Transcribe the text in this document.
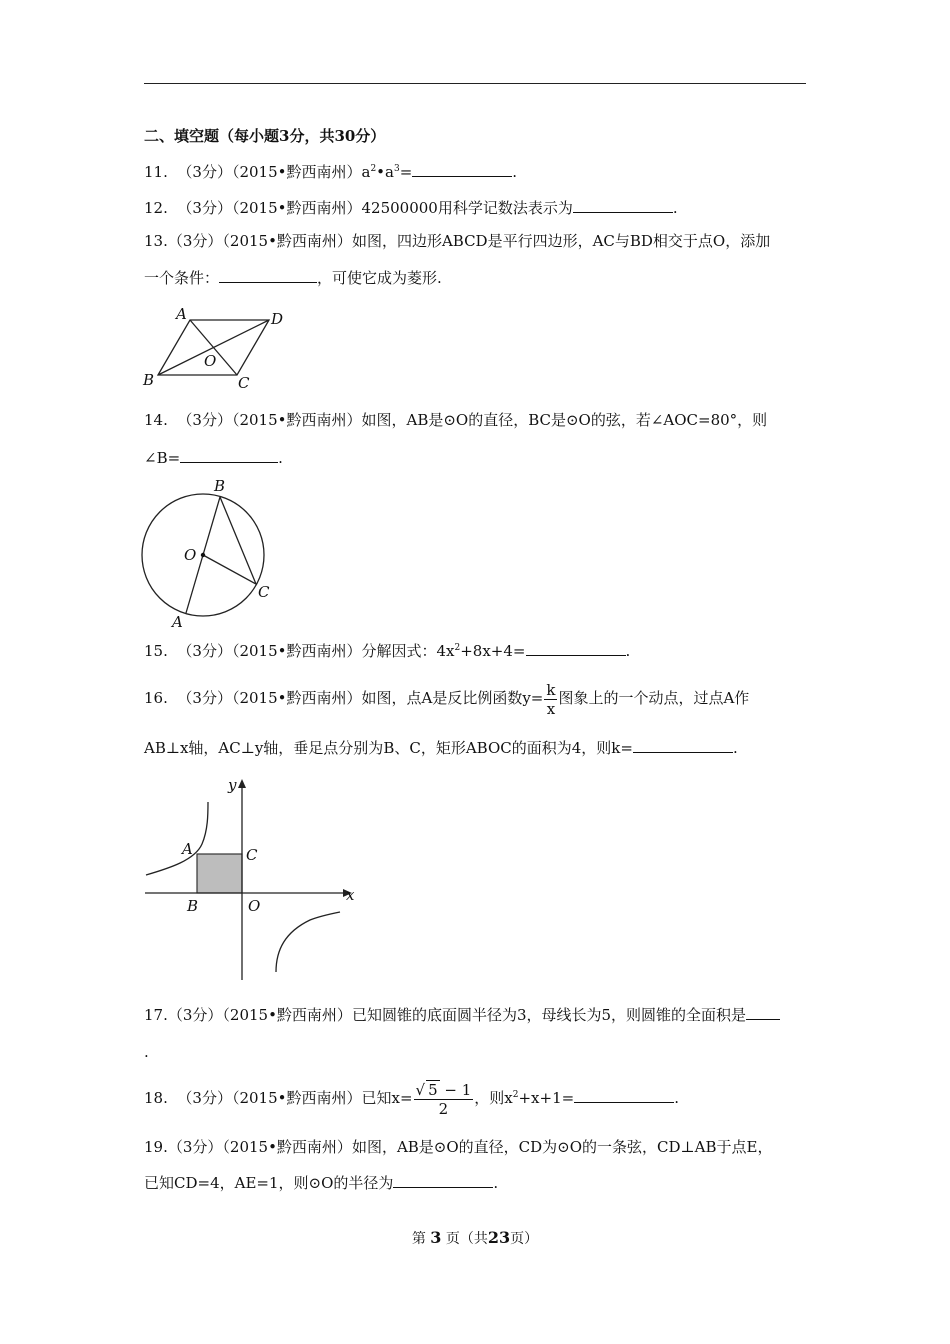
二、填空题（每小题3分，共30分）
11. （3分）（2015•黔西南州）$a^2•a^3=$	.
12. （3分）（2015•黔西南州）42500000用科学记数法表示为	.
13.（3分）（2015•黔西南州）如图，四边形ABCD是平行四边形，AC与BD相交于点O，添加
一个条件：	，可使它成为菱形.
A	D
O
B	C
14. （3分）（2015•黔西南州）如图，AB是⊙O的直径，BC是⊙O的弦，若∠AOC=80°，则
∠B=	.
B
O
C
A
15. （3分）（2015•黔西南州）分解因式：$4x^2+8x+4=$	.
16. （3分）（2015•黔西南州）如图，点A是反比例函数$y= \frac{k}{x}$ 图象上的一个动点，过点A作
AB⊥x轴，AC⊥y轴，垂足点分别为B、C，矩形ABOC的面积为4，则k=	.
y
x
A	C
B	O
17.（3分）（2015•黔西南州）已知圆锥的底面圆半径为3，母线长为5，则圆锥的全面积是
.
18. （3分）（2015•黔西南州）已知$x= \frac{√ 5 - 1}{2}$ ，则$x^2+x+1=$	.
19.（3分）（2015•黔西南州）如图，AB是⊙O的直径，CD为⊙O的一条弦，CD⊥AB于点E，
已知CD=4，AE=1，则⊙O的半径为	.
第 3 页（共23页）
